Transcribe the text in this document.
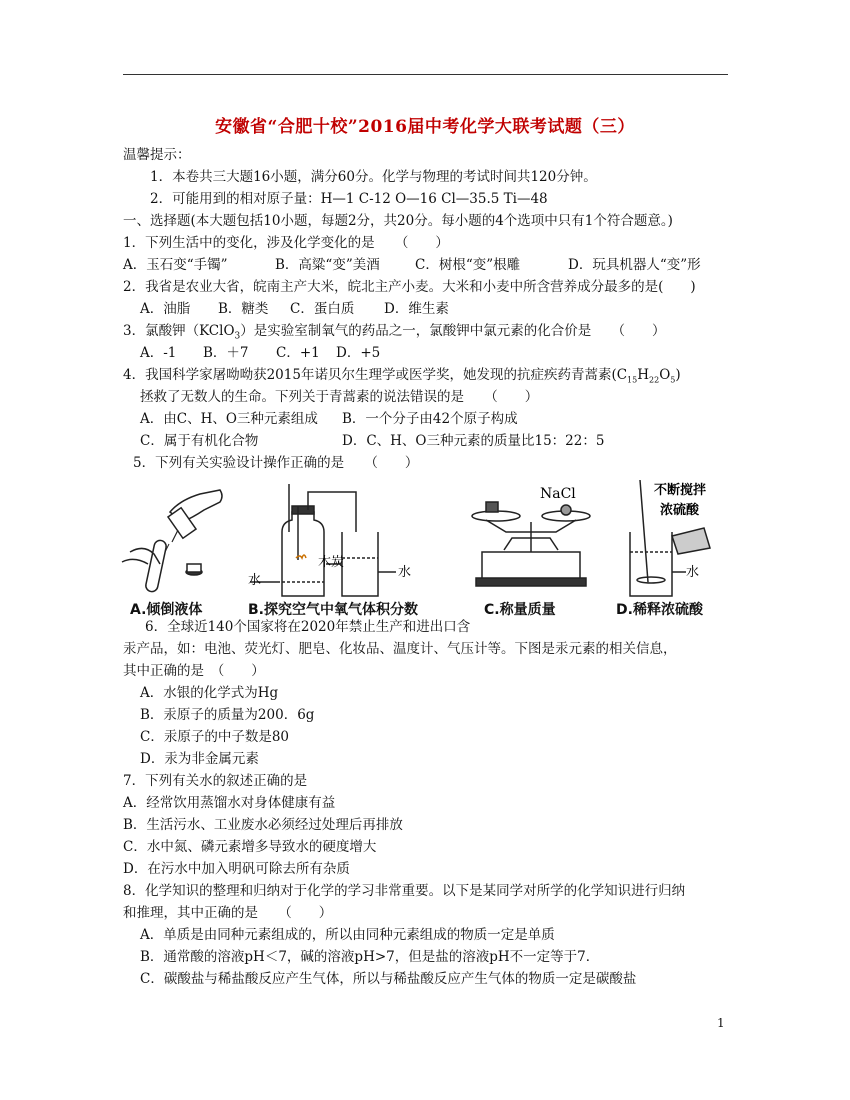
安徽省“合肥十校”2016届中考化学大联考试题（三）
温馨提示：
1．本卷共三大题16小题，满分60分。化学与物理的考试时间共120分钟。
2．可能用到的相对原子量：H—1 C-12 O—16 Cl—35.5 Ti—48
一、选择题(本大题包括10小题，每题2分，共20分。每小题的4个选项中只有1个符合题意。)
1．下列生活中的变化，涉及化学变化的是　　（　　）
A．玉石变“手镯”	B．高粱“变”美酒	C．树根“变”根雕	D．玩具机器人“变”形
2．我省是农业大省，皖南主产大米，皖北主产小麦。大米和小麦中所含营养成分最多的是(　　)
A．油脂 B．糖类 C．蛋白质 D．维生素
3．氯酸钾（KClO$_3$）是实验室制氧气的药品之一，氯酸钾中氯元素的化合价是　　（　　）
A．-1 B．＋7 C．+1 D．+5
4．我国科学家屠呦呦获2015年诺贝尔生理学或医学奖，她发现的抗症疾药青蒿素$(C_{15}H_{22}O_5)$
拯救了无数人的生命。下列关于青蒿素的说法错误的是　　（　　）
A．由C、H、O三种元素组成 B．一个分子由42个原子构成
C．属于有机化合物	D．C、H、O三种元素的质量比15：22：5
5．下列有关实验设计操作正确的是　　（　　）
A.倾倒液体
水
木炭
水
B.探究空气中氧气体积分数
NaCl
C.称量质量
不断搅拌
浓硫酸
水
D.稀释浓硫酸
6．全球近140个国家将在2020年禁止生产和进出口含
汞产品，如：电池、荧光灯、肥皂、化妆品、温度计、气压计等。下图是汞元素的相关信息，
其中正确的是　（　　）
A．水银的化学式为Hg
B．汞原子的质量为200．6g
C．汞原子的中子数是80
D．汞为非金属元素
7．下列有关水的叙述正确的是
A．经常饮用蒸馏水对身体健康有益
B．生活污水、工业废水必须经过处理后再排放
C．水中氮、磷元素增多导致水的硬度增大
D．在污水中加入明矾可除去所有杂质
8．化学知识的整理和归纳对于化学的学习非常重要。以下是某同学对所学的化学知识进行归纳
和推理，其中正确的是　　（　　）
A．单质是由同种元素组成的，所以由同种元素组成的物质一定是单质
B．通常酸的溶液pH＜7，碱的溶液pH>7，但是盐的溶液pH不一定等于7．
C．碳酸盐与稀盐酸反应产生气体，所以与稀盐酸反应产生气体的物质一定是碳酸盐
1
